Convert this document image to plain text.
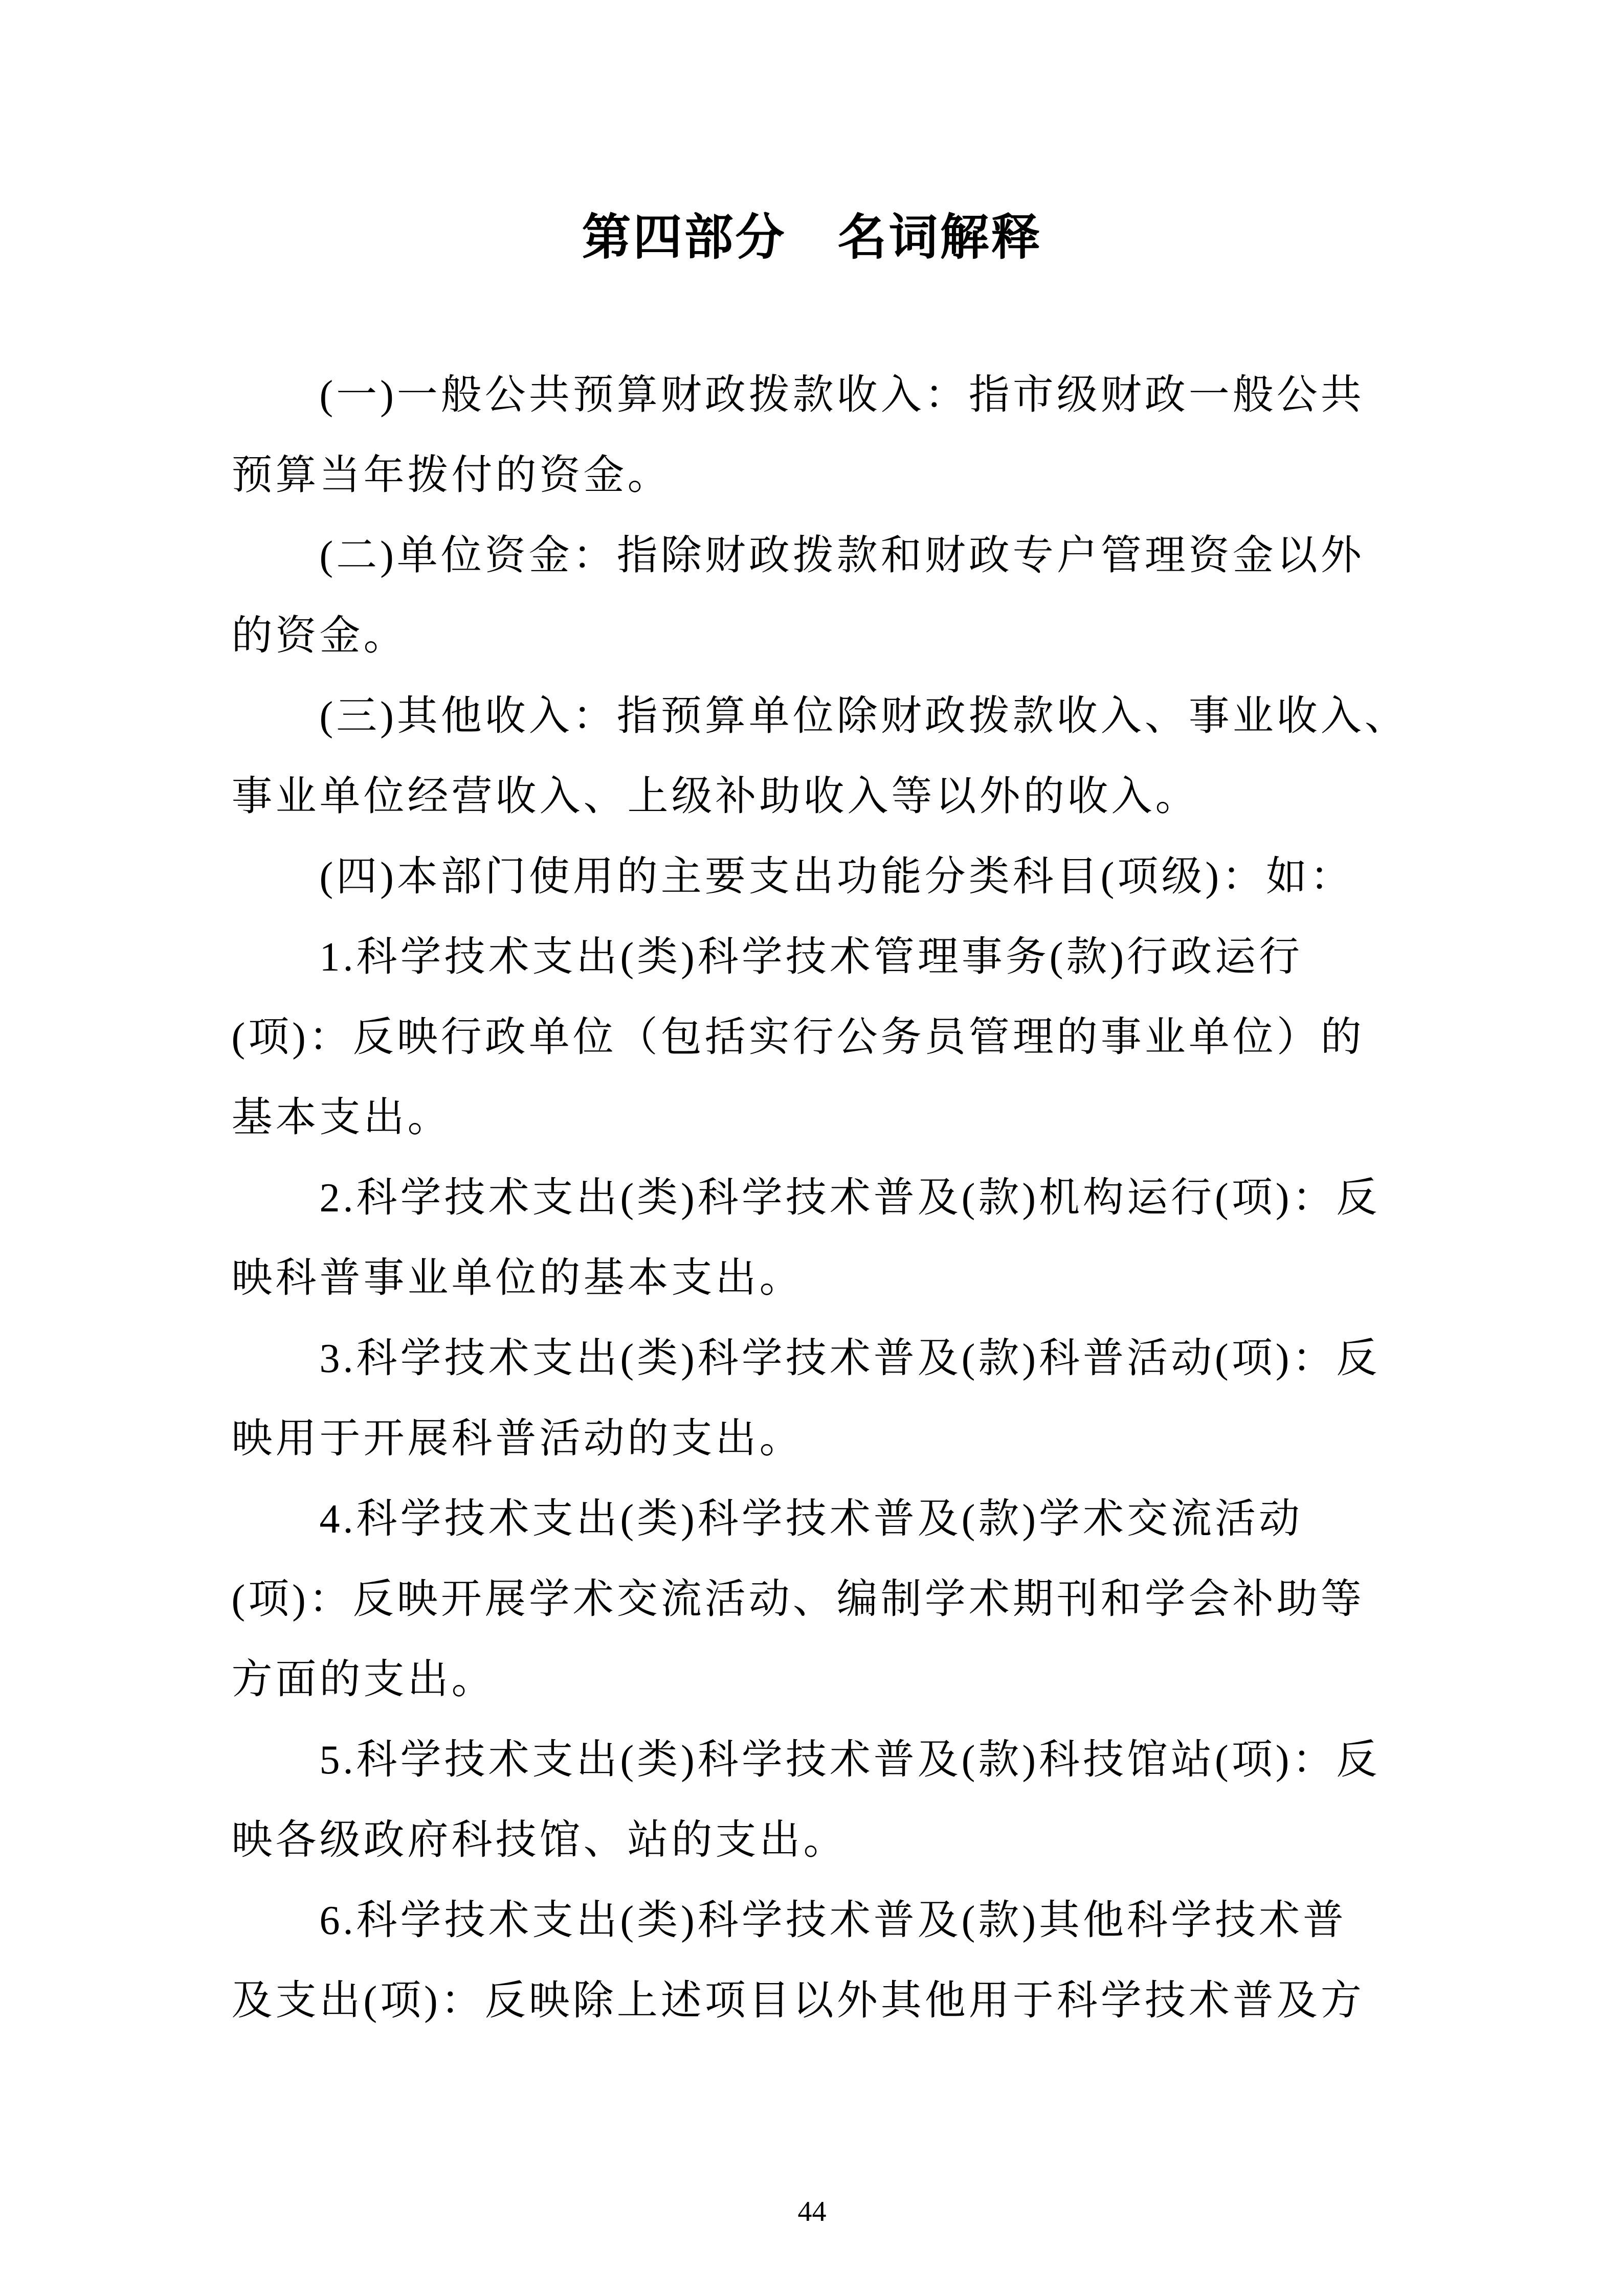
第四部分　名词解释
(一)一般公共预算财政拨款收入：指市级财政一般公共
预算当年拨付的资金。
(二)单位资金：指除财政拨款和财政专户管理资金以外
的资金。
(三)其他收入：指预算单位除财政拨款收入、事业收入、
事业单位经营收入、上级补助收入等以外的收入。
(四)本部门使用的主要支出功能分类科目(项级)：如：
1.科学技术支出(类)科学技术管理事务(款)行政运行
(项)：反映行政单位（包括实行公务员管理的事业单位）的
基本支出。
2.科学技术支出(类)科学技术普及(款)机构运行(项)：反
映科普事业单位的基本支出。
3.科学技术支出(类)科学技术普及(款)科普活动(项)：反
映用于开展科普活动的支出。
4.科学技术支出(类)科学技术普及(款)学术交流活动
(项)：反映开展学术交流活动、编制学术期刊和学会补助等
方面的支出。
5.科学技术支出(类)科学技术普及(款)科技馆站(项)：反
映各级政府科技馆、站的支出。
6.科学技术支出(类)科学技术普及(款)其他科学技术普
及支出(项)：反映除上述项目以外其他用于科学技术普及方
44
